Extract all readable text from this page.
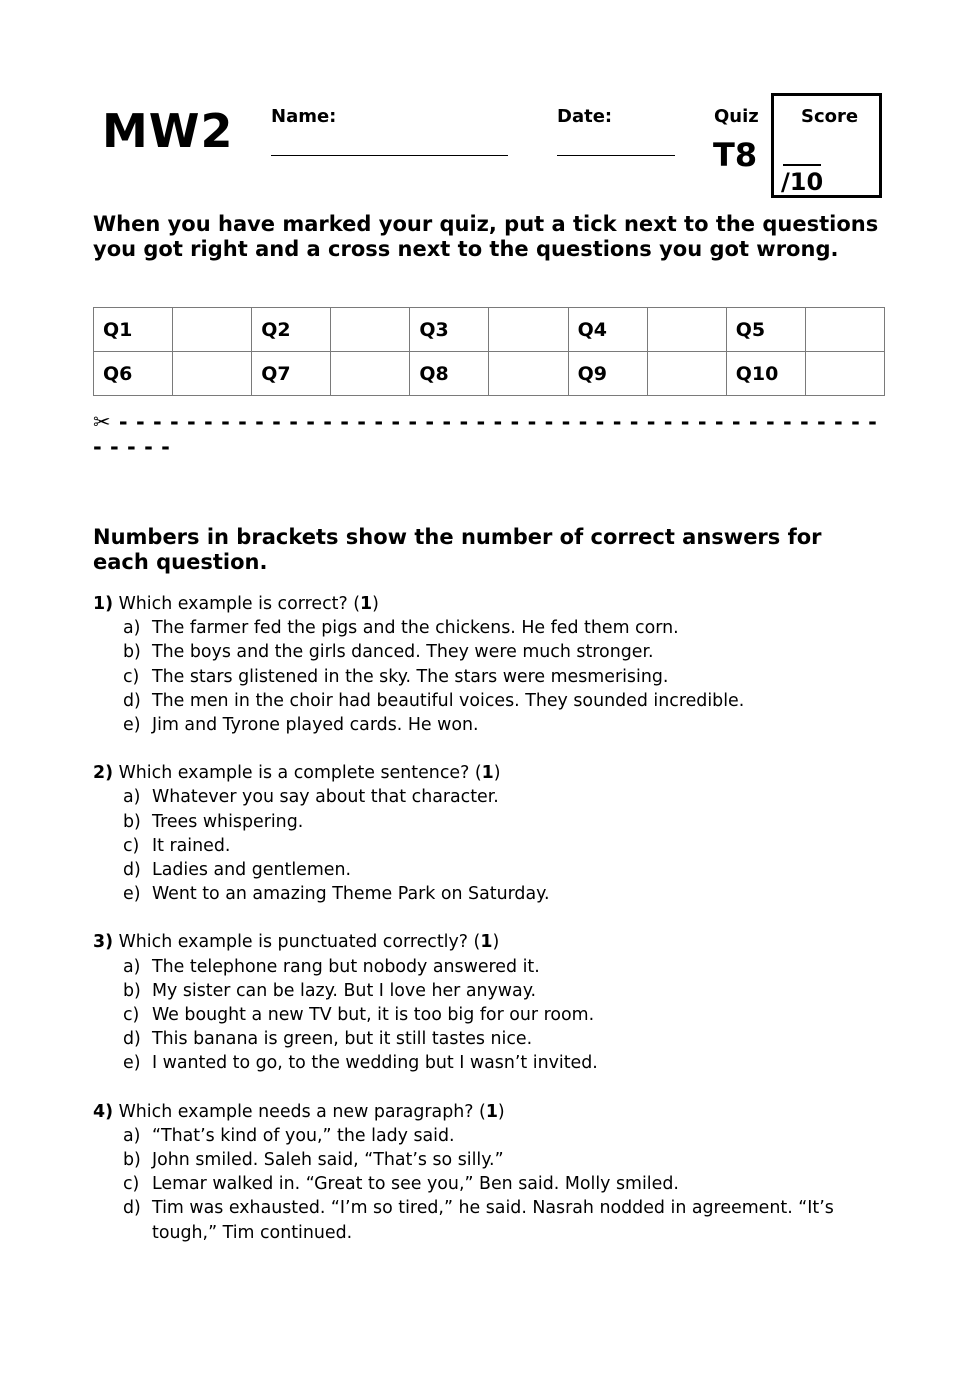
MW2 Name:	Date:	Quiz
T8
Score
/10
When you have marked your quiz, put a tick next to the questions you got right and a cross next to the questions you got wrong.
Q1		Q2		Q3		Q4		Q5	
Q6		Q7		Q8		Q9		Q10	
✂ - - - - - - - - - - - - - - - - - - - - - - - - - - - - - - - - - - - - - - - - - - - - - - - - - -
Numbers in brackets show the number of correct answers for each question.
1) Which example is correct? (1)
a) The farmer fed the pigs and the chickens. He fed them corn.
b) The boys and the girls danced. They were much stronger.
c) The stars glistened in the sky. The stars were mesmerising.
d) The men in the choir had beautiful voices. They sounded incredible.
e) Jim and Tyrone played cards. He won.
2) Which example is a complete sentence? (1)
a) Whatever you say about that character.
b) Trees whispering.
c) It rained.
d) Ladies and gentlemen.
e) Went to an amazing Theme Park on Saturday.
3) Which example is punctuated correctly? (1)
a) The telephone rang but nobody answered it.
b) My sister can be lazy. But I love her anyway.
c) We bought a new TV but, it is too big for our room.
d) This banana is green, but it still tastes nice.
e) I wanted to go, to the wedding but I wasn’t invited.
4) Which example needs a new paragraph? (1)
a) “That’s kind of you,” the lady said.
b) John smiled. Saleh said, “That’s so silly.”
c) Lemar walked in. “Great to see you,” Ben said. Molly smiled.
d) Tim was exhausted. “I’m so tired,” he said. Nasrah nodded in agreement. “It’s tough,” Tim continued.
